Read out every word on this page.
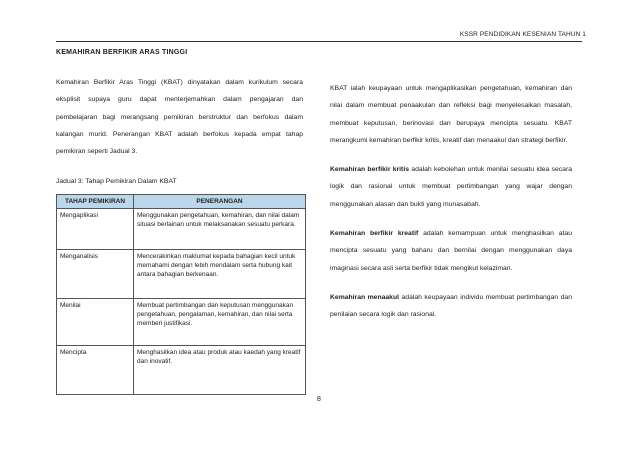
KSSR PENDIDIKAN KESENIAN TAHUN 1
KEMAHIRAN BERFIKIR ARAS TINGGI

Kemahiran Berfikir Aras Tinggi (KBAT) dinyatakan dalam kurikulum secara eksplisit supaya guru dapat menterjemahkan dalam pengajaran dan pembelajaran bagi merangsang pemikiran berstruktur dan berfokus dalam kalangan murid. Penerangan KBAT adalah berfokus kepada empat tahap pemikiran seperti Jadual 3.

Jadual 3: Tahap Pemikiran Dalam KBAT

TAHAP PEMIKIRAN	PENERANGAN
Mengaplikasi	Menggunakan pengetahuan, kemahiran, dan nilai dalam situasi berlainan untuk melaksanakan sesuatu perkara.
Menganalisis	Mencerakinkan maklumat kepada bahagian kecil untuk memahami dengan lebih mendalam serta hubung kait antara bahagian berkenaan.
Menilai	Membuat pertimbangan dan keputusan menggunakan pengetahuan, pengalaman, kemahiran, dan nilai serta memberi justifikasi.
Mencipta	Menghasilkan idea atau produk atau kaedah yang kreatif dan inovatif.

KBAT ialah keupayaan untuk mengaplikasikan pengetahuan, kemahiran dan nilai dalam membuat penaakulan dan refleksi bagi menyelesaikan masalah, membuat keputusan, berinovasi dan berupaya mencipta sesuatu. KBAT merangkumi kemahiran berfikir kritis, kreatif dan menaakul dan strategi berfikir.

Kemahiran berfikir kritis adalah kebolehan untuk menilai sesuatu idea secara logik dan rasional untuk membuat pertimbangan yang wajar dengan menggunakan alasan dan bukti yang munasabah.

Kemahiran berfikir kreatif adalah kemampuan untuk menghasilkan atau mencipta sesuatu yang baharu dan bernilai dengan menggunakan daya imaginasi secara asli serta berfikir tidak mengikut kelaziman.

Kemahiran menaakul adalah keupayaan individu membuat pertimbangan dan penilaian secara logik dan rasional.

8
